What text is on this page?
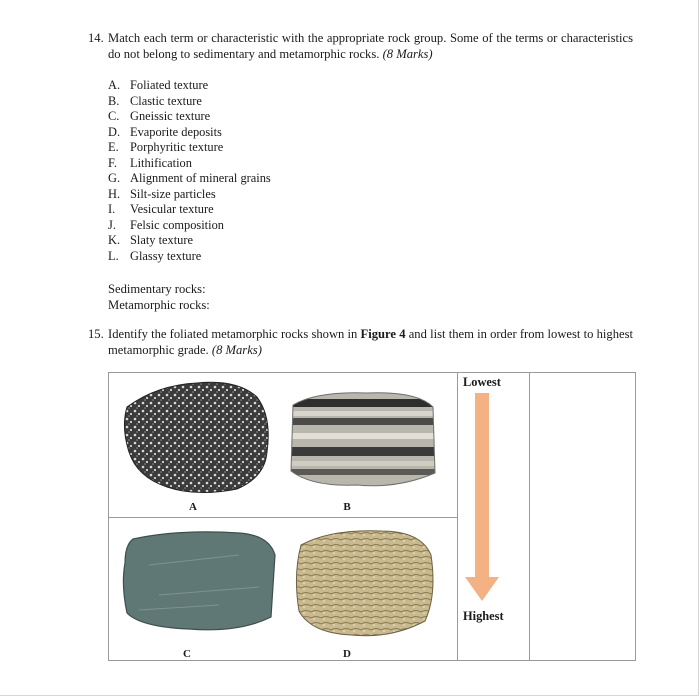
14. Match each term or characteristic with the appropriate rock group. Some of the terms or characteristics do not belong to sedimentary and metamorphic rocks. (8 Marks)
A. Foliated texture
B. Clastic texture
C. Gneissic texture
D. Evaporite deposits
E. Porphyritic texture
F.	Lithification
G. Alignment of mineral grains
H. Silt-size particles
I.	Vesicular texture
J.	Felsic composition
K. Slaty texture
L. Glassy texture
Sedimentary rocks:
Metamorphic rocks:
15. Identify the foliated metamorphic rocks shown in Figure 4 and list them in order from lowest to highest metamorphic grade. (8 Marks)
A	B
C	D
Lowest
Highest
